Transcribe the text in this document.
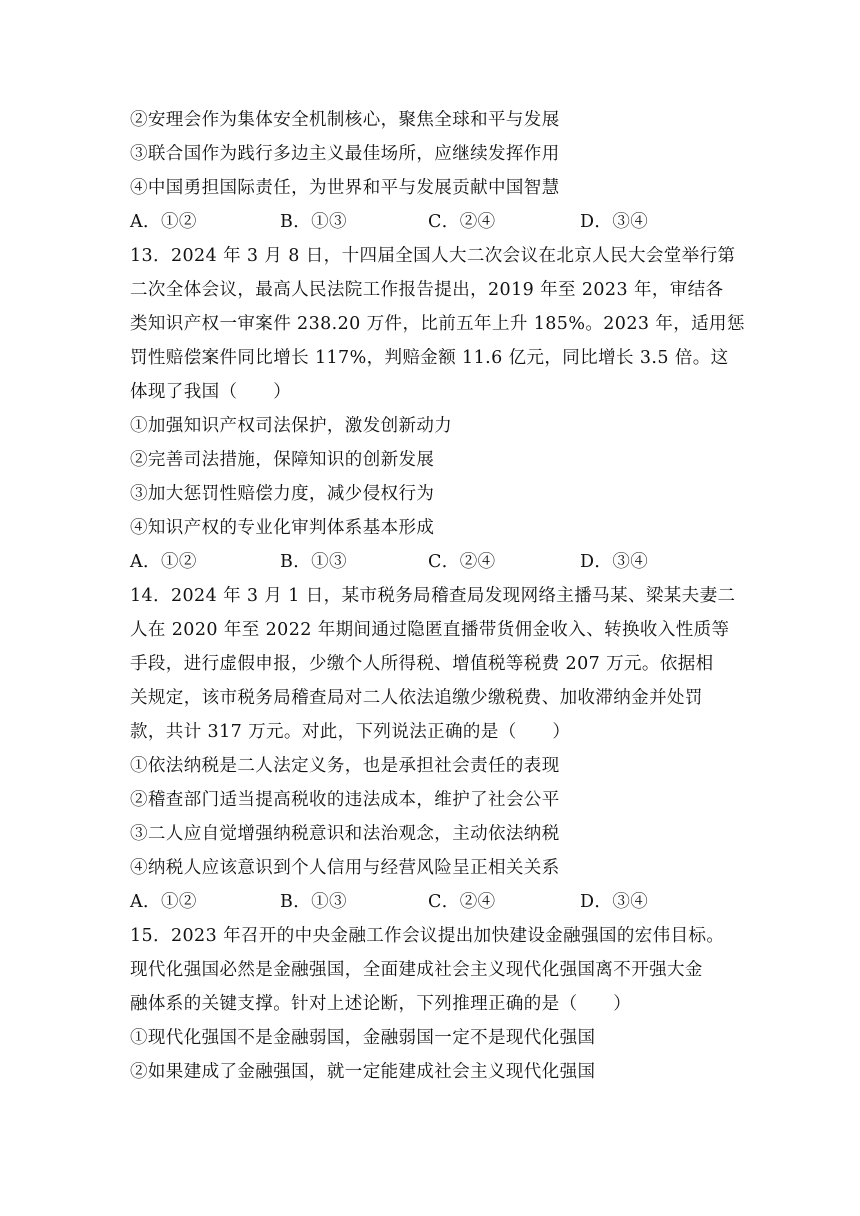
②安理会作为集体安全机制核心，聚焦全球和平与发展
③联合国作为践行多边主义最佳场所，应继续发挥作用
④中国勇担国际责任，为世界和平与发展贡献中国智慧
A．①②	B．①③	C．②④	D．③④
13．2024 年 3 月 8 日，十四届全国人大二次会议在北京人民大会堂举行第
二次全体会议，最高人民法院工作报告提出，2019 年至 2023 年，审结各
类知识产权一审案件 238.20 万件，比前五年上升 185%。2023 年，适用惩
罚性赔偿案件同比增长 117%，判赔金额 11.6 亿元，同比增长 3.5 倍。这
体现了我国（　　）
①加强知识产权司法保护，激发创新动力
②完善司法措施，保障知识的创新发展
③加大惩罚性赔偿力度，减少侵权行为
④知识产权的专业化审判体系基本形成
A．①②	B．①③	C．②④	D．③④
14．2024 年 3 月 1 日，某市税务局稽查局发现网络主播马某、梁某夫妻二
人在 2020 年至 2022 年期间通过隐匿直播带货佣金收入、转换收入性质等
手段，进行虚假申报，少缴个人所得税、增值税等税费 207 万元。依据相
关规定，该市税务局稽查局对二人依法追缴少缴税费、加收滞纳金并处罚
款，共计 317 万元。对此，下列说法正确的是（　　）
①依法纳税是二人法定义务，也是承担社会责任的表现
②稽查部门适当提高税收的违法成本，维护了社会公平
③二人应自觉增强纳税意识和法治观念，主动依法纳税
④纳税人应该意识到个人信用与经营风险呈正相关关系
A．①②	B．①③	C．②④	D．③④
15．2023 年召开的中央金融工作会议提出加快建设金融强国的宏伟目标。
现代化强国必然是金融强国，全面建成社会主义现代化强国离不开强大金
融体系的关键支撑。针对上述论断，下列推理正确的是（　　）
①现代化强国不是金融弱国，金融弱国一定不是现代化强国
②如果建成了金融强国，就一定能建成社会主义现代化强国
